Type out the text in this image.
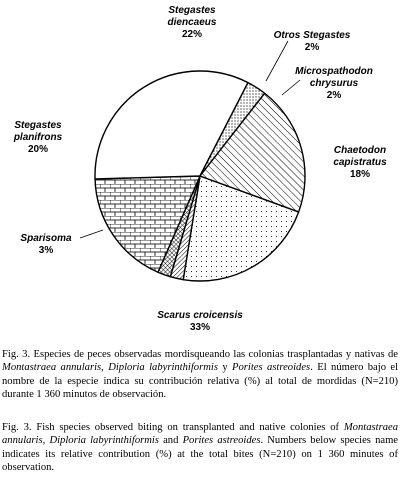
Stegastes
diencaeus
22%	Otros Stegastes
2%
Microspathodon
chrysurus
2%
Chaetodon
capistratus
18%
Scarus croicensis
33%
Sparisoma
3%
Stegastes
planifrons
20%

Fig. 3. Especies de peces observadas mordisqueando las colonias trasplantadas y nativas de Montastraea annularis, Diploria labyrinthiformis y Porites astreoides. El número bajo el nombre de la especie indica su contribución relativa (%) al total de mordidas (N=210) durante 1 360 minutos de observación.

Fig. 3. Fish species observed biting on transplanted and native colonies of Montastraea annularis, Diploria labyrinthiformis and Porites astreoides. Numbers below species name indicates its relative contribution (%) at the total bites (N=210) on 1 360 minutes of observation.
